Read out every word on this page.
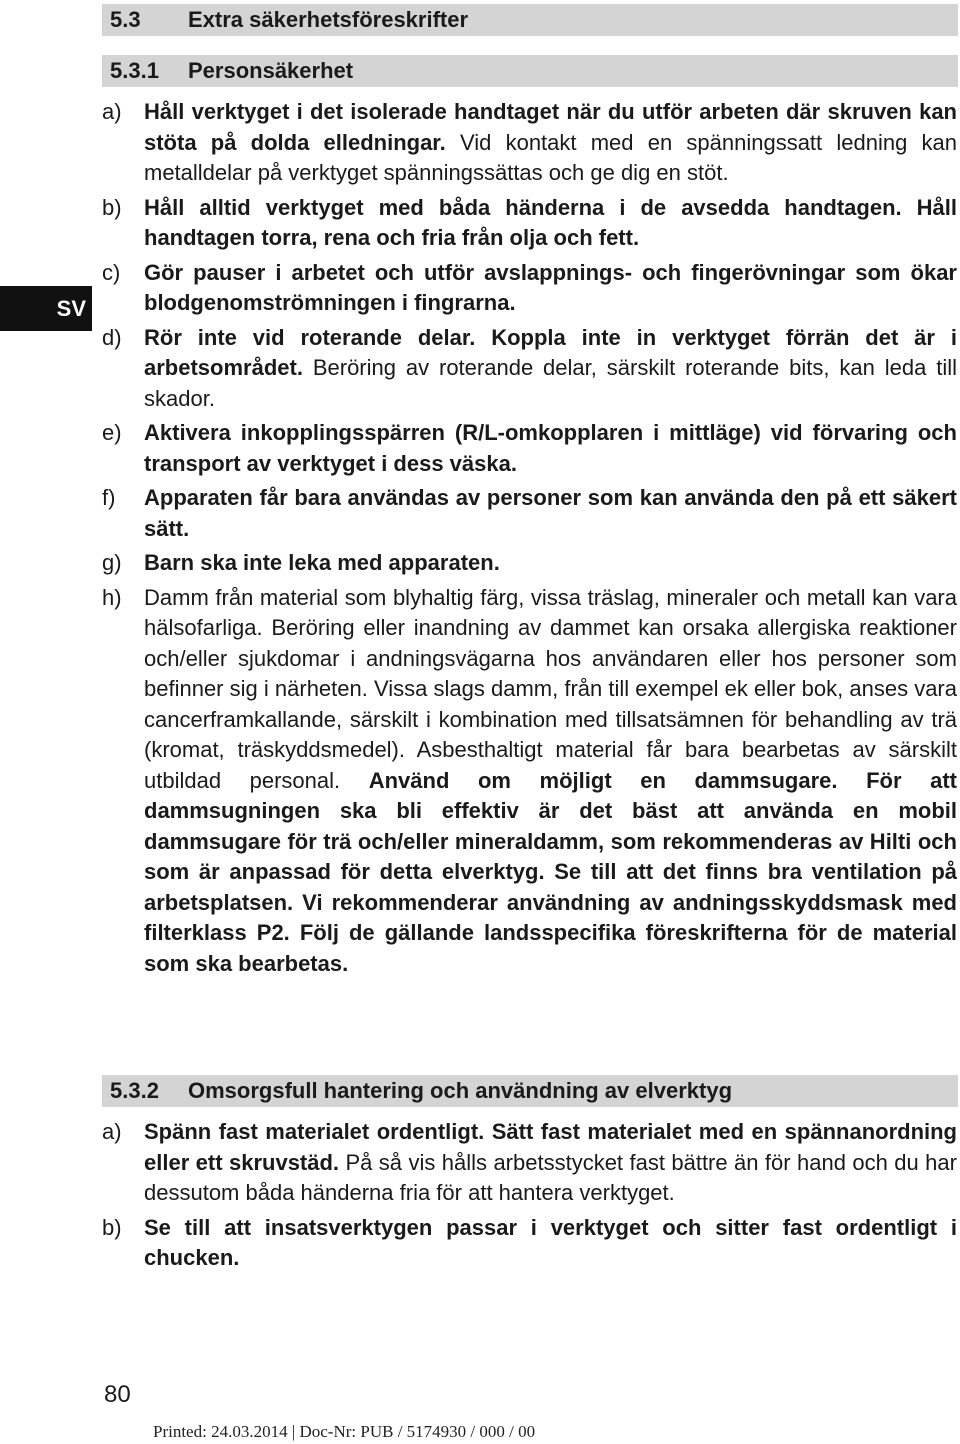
5.3 Extra säkerhetsföreskrifter
5.3.1 Personsäkerhet
SV
a)	Håll verktyget i det isolerade handtaget när du utför arbeten där skruven kan stöta på dolda elledningar. Vid kontakt med en spänningssatt ledning kan metalldelar på verktyget spänningssättas och ge dig en stöt.
b)	Håll alltid verktyget med båda händerna i de avsedda handtagen. Håll handtagen torra, rena och fria från olja och fett.
c)	Gör pauser i arbetet och utför avslappnings- och fingerövningar som ökar blodgenomströmningen i fingrarna.
d)	Rör inte vid roterande delar. Koppla inte in verktyget förrän det är i arbetsområdet. Beröring av roterande delar, särskilt roterande bits, kan leda till skador.
e)	Aktivera inkopplingsspärren (R/L-omkopplaren i mittläge) vid förvaring och transport av verktyget i dess väska.
f)	Apparaten får bara användas av personer som kan använda den på ett säkert sätt.
g)	Barn ska inte leka med apparaten.
h)	Damm från material som blyhaltig färg, vissa träslag, mineraler och metall kan vara hälsofarliga. Beröring eller inandning av dammet kan orsaka allergiska reaktioner och/eller sjukdomar i andningsvägarna hos användaren eller hos personer som befinner sig i närheten. Vissa slags damm, från till exempel ek eller bok, anses vara cancerframkallande, särskilt i kombination med tillsatsämnen för behandling av trä (kromat, träskyddsmedel). Asbesthaltigt material får bara bearbetas av särskilt utbildad personal. Använd om möjligt en dammsugare. För att dammsugningen ska bli effektiv är det bäst att använda en mobil dammsugare för trä och/eller mineraldamm, som rekommenderas av Hilti och som är anpassad för detta elverktyg. Se till att det finns bra ventilation på arbetsplatsen. Vi rekommenderar användning av andningsskyddsmask med filterklass P2. Följ de gällande landsspecifika föreskrifterna för de material som ska bearbetas.
5.3.2 Omsorgsfull hantering och användning av elverktyg
a)	Spänn fast materialet ordentligt. Sätt fast materialet med en spännanordning eller ett skruvstäd. På så vis hålls arbetsstycket fast bättre än för hand och du har dessutom båda händerna fria för att hantera verktyget.
b)	Se till att insatsverktygen passar i verktyget och sitter fast ordentligt i chucken.
80
Printed: 24.03.2014 | Doc-Nr: PUB / 5174930 / 000 / 00
